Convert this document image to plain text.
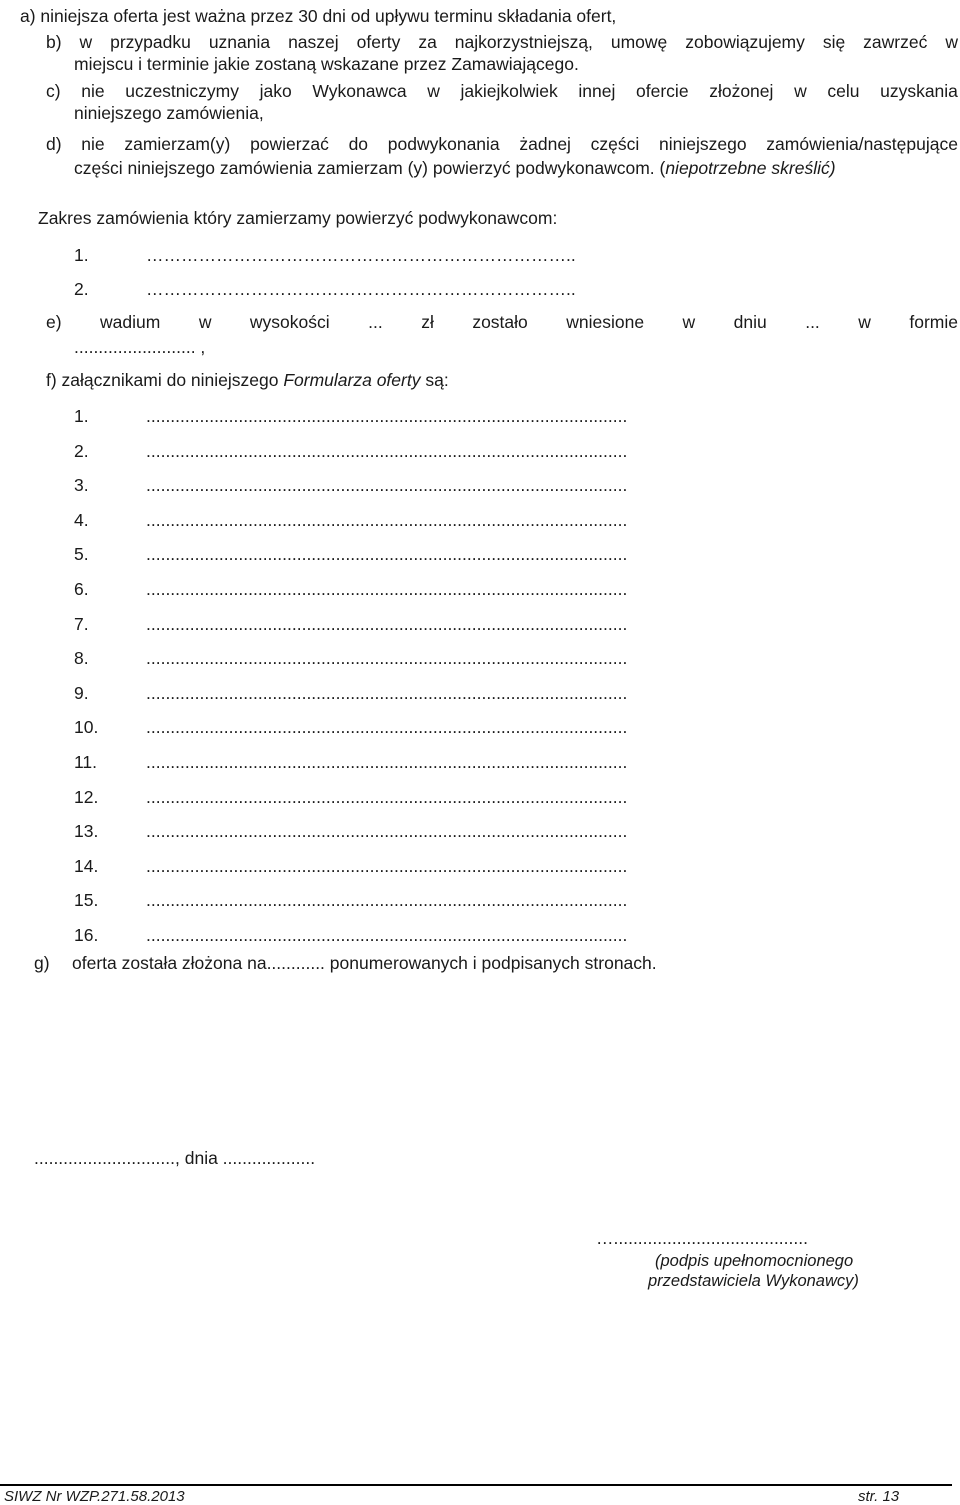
a) niniejsza oferta jest ważna przez 30 dni od upływu terminu składania ofert,
b) w przypadku uznania naszej oferty za najkorzystniejszą, umowę zobowiązujemy się zawrzeć w
miejscu i terminie jakie zostaną wskazane przez Zamawiającego.
c) nie uczestniczymy jako Wykonawca w jakiejkolwiek innej ofercie złożonej w celu uzyskania
niniejszego zamówienia,
d) nie zamierzam(y) powierzać do podwykonania żadnej części niniejszego zamówienia/następujące
części niniejszego zamówienia zamierzam (y) powierzyć podwykonawcom. (niepotrzebne skreślić)
Zakres zamówienia który zamierzamy powierzyć podwykonawcom:
1.	………………………………………………………………..
2.	………………………………………………………………..
e) wadium w wysokości ... zł zostało wniesione w dniu ... w formie
......................... ,
f) załącznikami do niniejszego Formularza oferty są:
1.	...................................................................................................
2.	...................................................................................................
3.	...................................................................................................
4.	...................................................................................................
5.	...................................................................................................
6.	...................................................................................................
7.	...................................................................................................
8.	...................................................................................................
9.	...................................................................................................
10.	...................................................................................................
11.	...................................................................................................
12.	...................................................................................................
13.	...................................................................................................
14.	...................................................................................................
15.	...................................................................................................
16.	...................................................................................................
g) oferta została złożona na............ ponumerowanych i podpisanych stronach.
............................., dnia ...................
…........................................
(podpis upełnomocnionego
przedstawiciela Wykonawcy)
SIWZ Nr WZP.271.58.2013	str. 13
